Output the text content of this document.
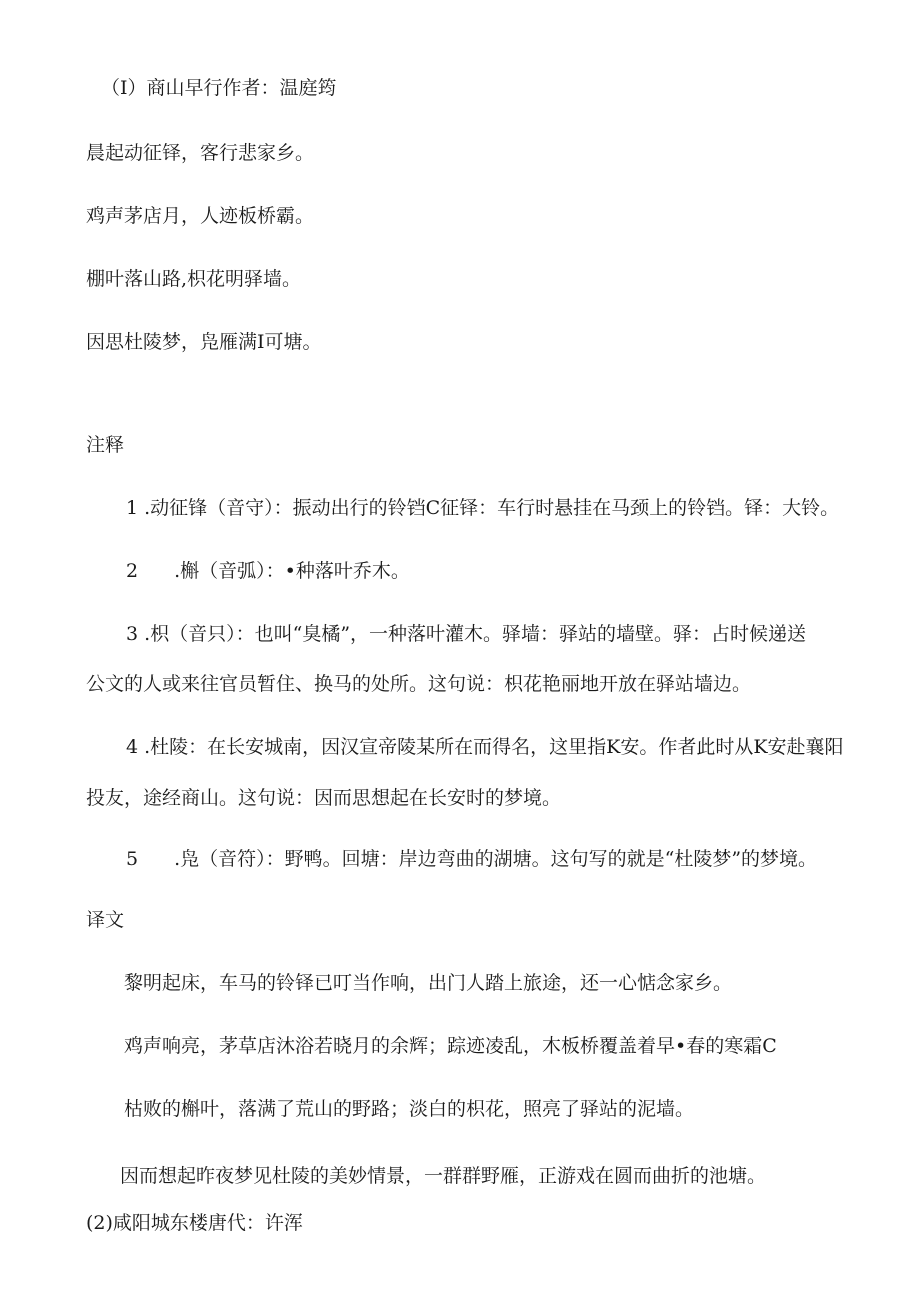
（I）商山早行作者：温庭筠
晨起动征铎，客行悲家乡。
鸡声茅店月，人迹板桥霸。
棚叶落山路,枳花明驿墙。
因思杜陵梦，凫雁满I可塘。
注释
1 .动征锋（音守）：振动出行的铃铛C征铎：车行时悬挂在马颈上的铃铛。铎：大铃。
2 .槲（音弧）：•种落叶乔木。
3 .枳（音只）：也叫“臭橘”，一种落叶灌木。驿墙：驿站的墙壁。驿：占时候递送
公文的人或来往官员暂住、换马的处所。这句说：枳花艳丽地开放在驿站墙边。
4 .杜陵：在长安城南，因汉宣帝陵某所在而得名，这里指K安。作者此时从K安赴襄阳
投友，途经商山。这句说：因而思想起在长安时的梦境。
5 .凫（音符）：野鸭。回塘：岸边弯曲的湖塘。这句写的就是“杜陵梦”的梦境。
译文
黎明起床，车马的铃铎已叮当作响，出门人踏上旅途，还一心惦念家乡。
鸡声响亮，茅草店沐浴若晓月的余辉；踪迹凌乱，木板桥覆盖着早•春的寒霜C
枯败的槲叶，落满了荒山的野路；淡白的枳花，照亮了驿站的泥墙。
因而想起昨夜梦见杜陵的美妙情景，一群群野雁，正游戏在圆而曲折的池塘。
(2)咸阳城东楼唐代：许浑
